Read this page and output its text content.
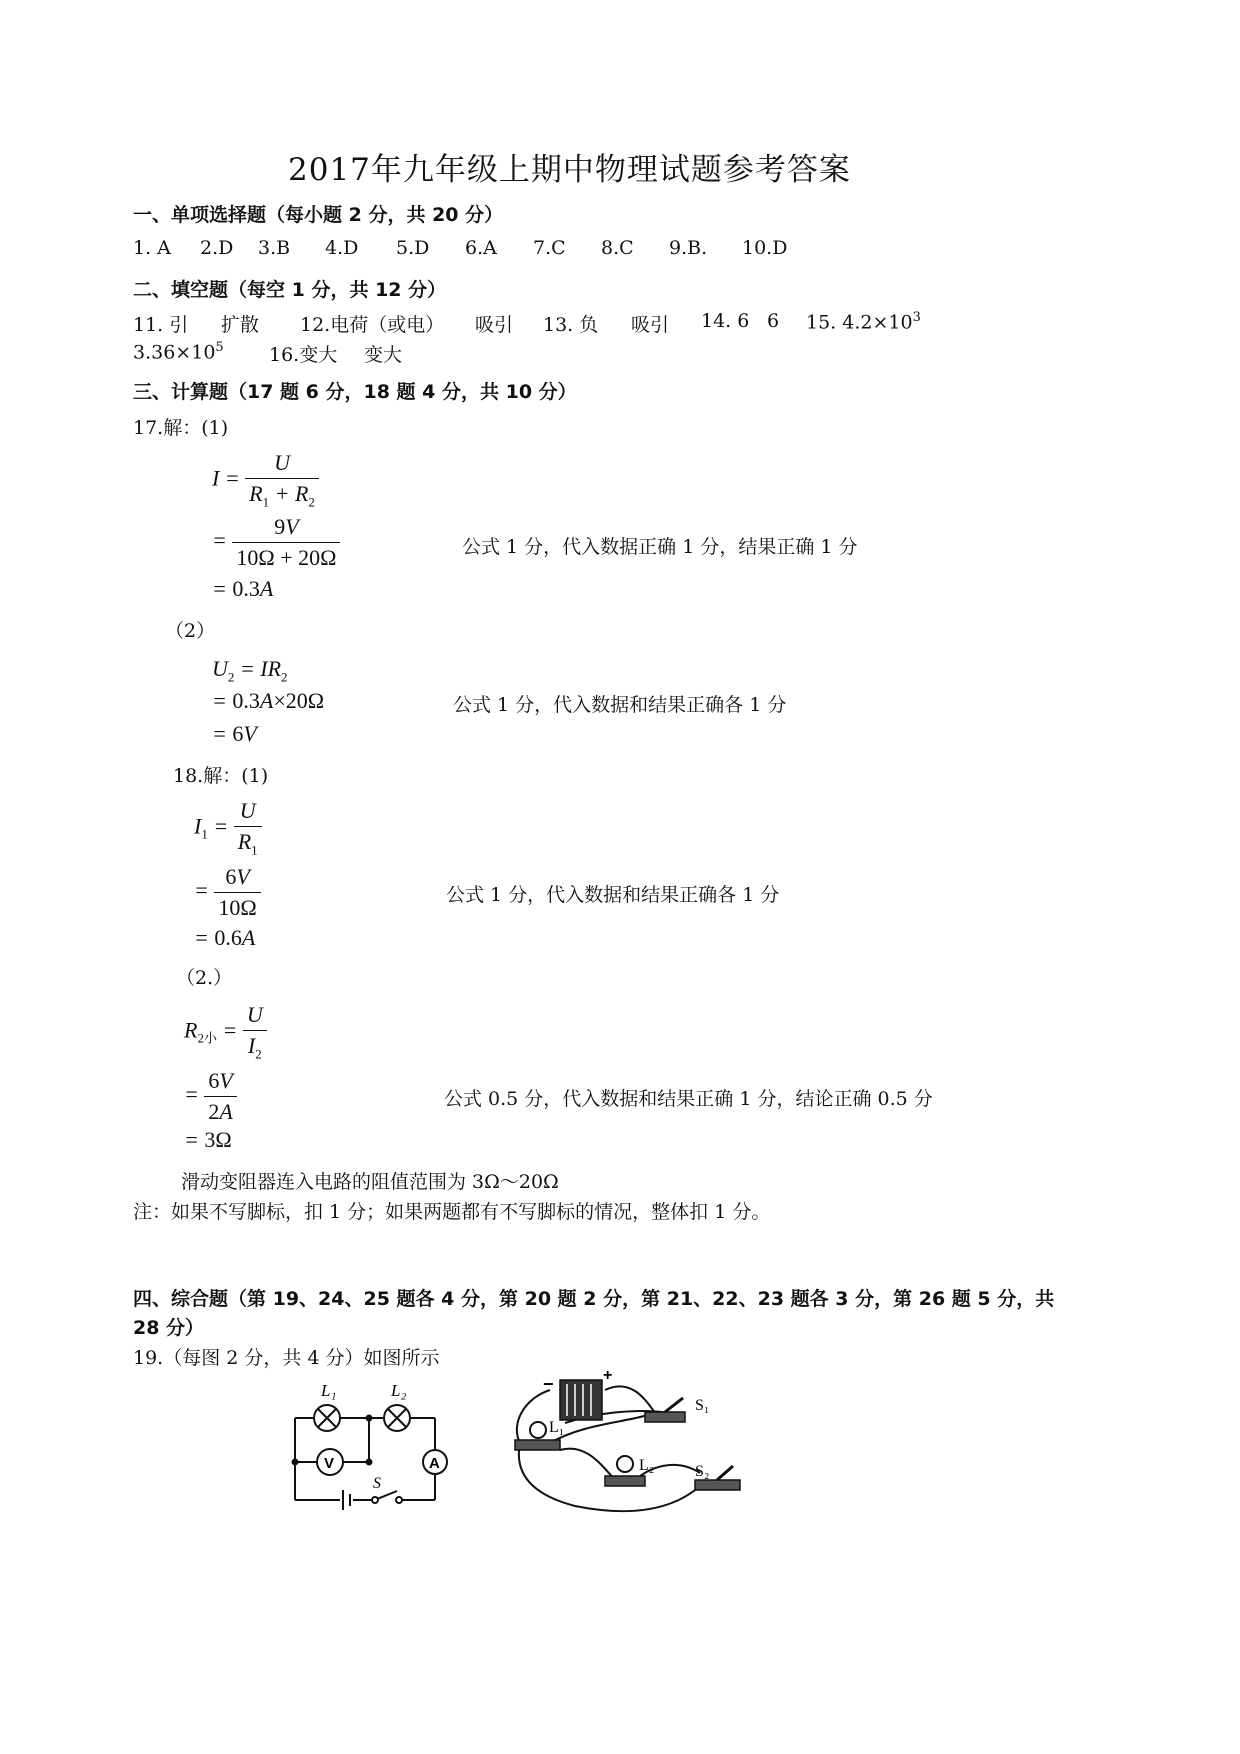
2017年九年级上期中物理试题参考答案
一、单项选择题（每小题 2 分，共 20 分）
1. A 2.D 3.B 4.D 5.D 6.A 7.C 8.C 9.B. 10.D
二、填空题（每空 1 分，共 12 分）
11. 引 扩散 12.电荷（或电） 吸引 13. 负 吸引 14. 6 6 15. $4.2\times 10^3$
$3.36\times 10^5$ 16.变大 变大
三、计算题（17 题 6 分，18 题 4 分，共 10 分）
17.解：(1)
$I = \frac{U}{R_1 + R_2}$
= $\frac{9V}{10\Omega + 20\Omega}$
= 0.3A
公式 1 分，代入数据正确 1 分，结果正确 1 分
（2）
$U_2 = IR_2$
= 0.3A×20Ω
= 6V
公式 1 分，代入数据和结果正确各 1 分
18.解：(1)
$I_1 = \frac{U}{R_1}$
= $\frac{6V}{10\Omega}$
= 0.6A
公式 1 分，代入数据和结果正确各 1 分
（2.）
$R_{2小} = \frac{U}{I_2}$
= $\frac{6V}{2A}$
= 3Ω
公式 0.5 分，代入数据和结果正确 1 分，结论正确 0.5 分
滑动变阻器连入电路的阻值范围为 3Ω～20Ω
注：如果不写脚标，扣 1 分；如果两题都有不写脚标的情况，整体扣 1 分。
四、综合题（第 19、24、25 题各 4 分，第 20 题 2 分，第 21、22、23 题各 3 分，第 26 题 5 分，共
28 分）
19.（每图 2 分，共 4 分）如图所示
L₁	L₂
V	A
S
−	+
S₁
L₁
L₂	S₂
